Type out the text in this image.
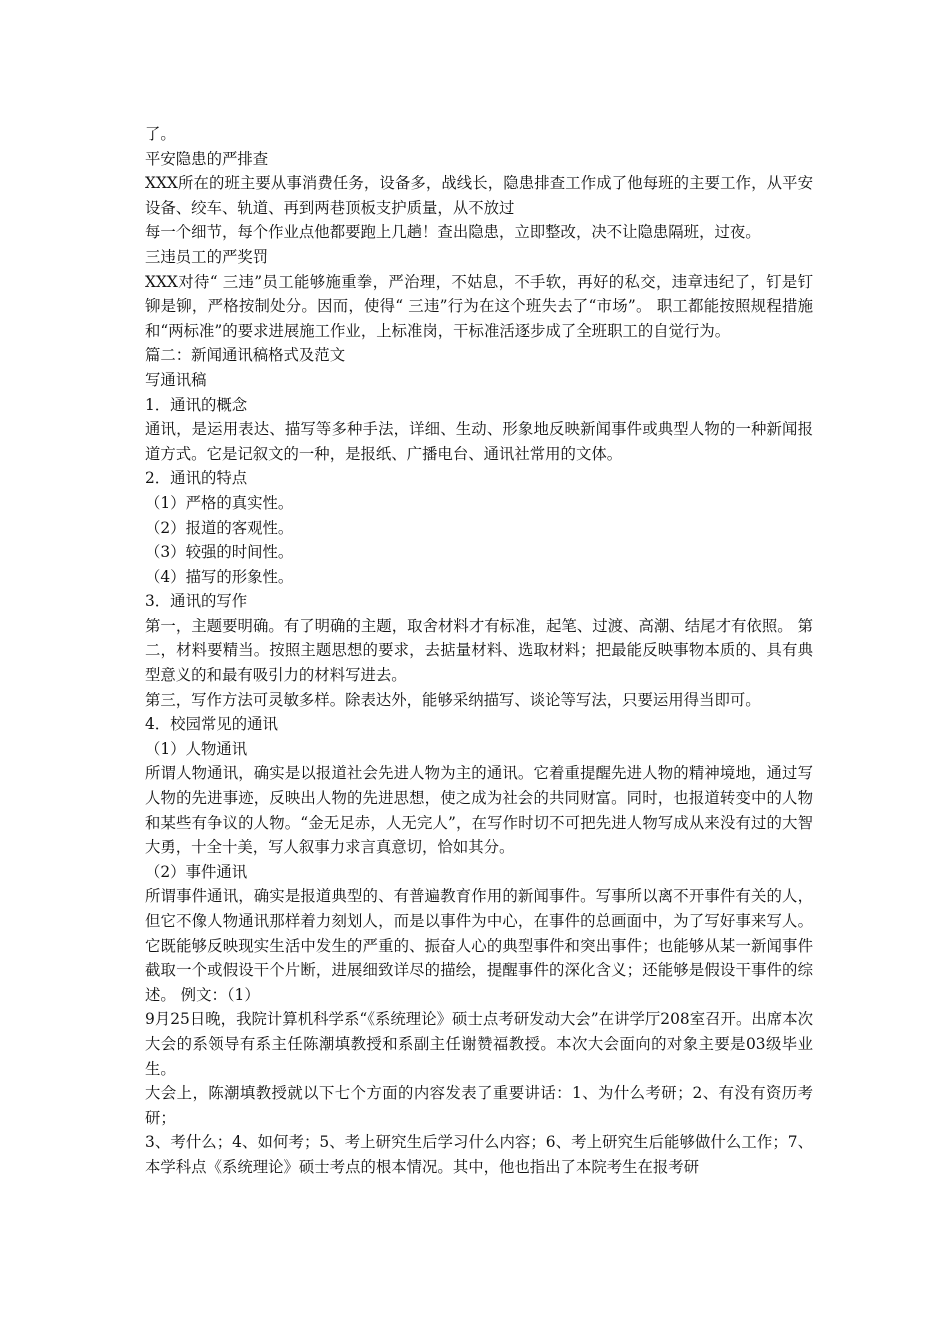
了。

平安隐患的严排查

XXX所在的班主要从事消费任务，设备多，战线长，隐患排查工作成了他每班的主要工作，从平安设备、绞车、轨道、再到两巷顶板支护质量，从不放过

每一个细节，每个作业点他都要跑上几趟！查出隐患，立即整改，决不让隐患隔班，过夜。

三违员工的严奖罚

XXX对待“ 三违”员工能够施重拳，严治理，不姑息，不手软，再好的私交，违章违纪了，钉是钉铆是铆，严格按制处分。因而，使得“ 三违”行为在这个班失去了“市场”。 职工都能按照规程措施和“两标准”的要求进展施工作业，上标准岗，干标准活逐步成了全班职工的自觉行为。

篇二：新闻通讯稿格式及范文

写通讯稿

1．通讯的概念

通讯，是运用表达、描写等多种手法，详细、生动、形象地反映新闻事件或典型人物的一种新闻报道方式。它是记叙文的一种，是报纸、广播电台、通讯社常用的文体。

2．通讯的特点

（1）严格的真实性。

（2）报道的客观性。

（3）较强的时间性。

（4）描写的形象性。

3．通讯的写作

第一，主题要明确。有了明确的主题，取舍材料才有标准，起笔、过渡、高潮、结尾才有依照。 第二，材料要精当。按照主题思想的要求，去掂量材料、选取材料；把最能反映事物本质的、具有典型意义的和最有吸引力的材料写进去。

第三，写作方法可灵敏多样。除表达外，能够采纳描写、谈论等写法，只要运用得当即可。

4．校园常见的通讯

（1）人物通讯

所谓人物通讯，确实是以报道社会先进人物为主的通讯。它着重提醒先进人物的精神境地，通过写人物的先进事迹，反映出人物的先进思想，使之成为社会的共同财富。同时，也报道转变中的人物和某些有争议的人物。“金无足赤，人无完人”，在写作时切不可把先进人物写成从来没有过的大智大勇，十全十美，写人叙事力求言真意切，恰如其分。

（2）事件通讯

所谓事件通讯，确实是报道典型的、有普遍教育作用的新闻事件。写事所以离不开事件有关的人，但它不像人物通讯那样着力刻划人，而是以事件为中心，在事件的总画面中，为了写好事来写人。它既能够反映现实生活中发生的严重的、振奋人心的典型事件和突出事件；也能够从某一新闻事件截取一个或假设干个片断，进展细致详尽的描绘，提醒事件的深化含义；还能够是假设干事件的综述。 例文：（1）

9月25日晚，我院计算机科学系“《系统理论》硕士点考研发动大会”在讲学厅208室召开。出席本次大会的系领导有系主任陈潮填教授和系副主任谢赞福教授。本次大会面向的对象主要是03级毕业生。

大会上，陈潮填教授就以下七个方面的内容发表了重要讲话：1、为什么考研；2、有没有资历考研；

3、考什么；4、如何考；5、考上研究生后学习什么内容；6、考上研究生后能够做什么工作；7、本学科点《系统理论》硕士考点的根本情况。其中，他也指出了本院考生在报考研
